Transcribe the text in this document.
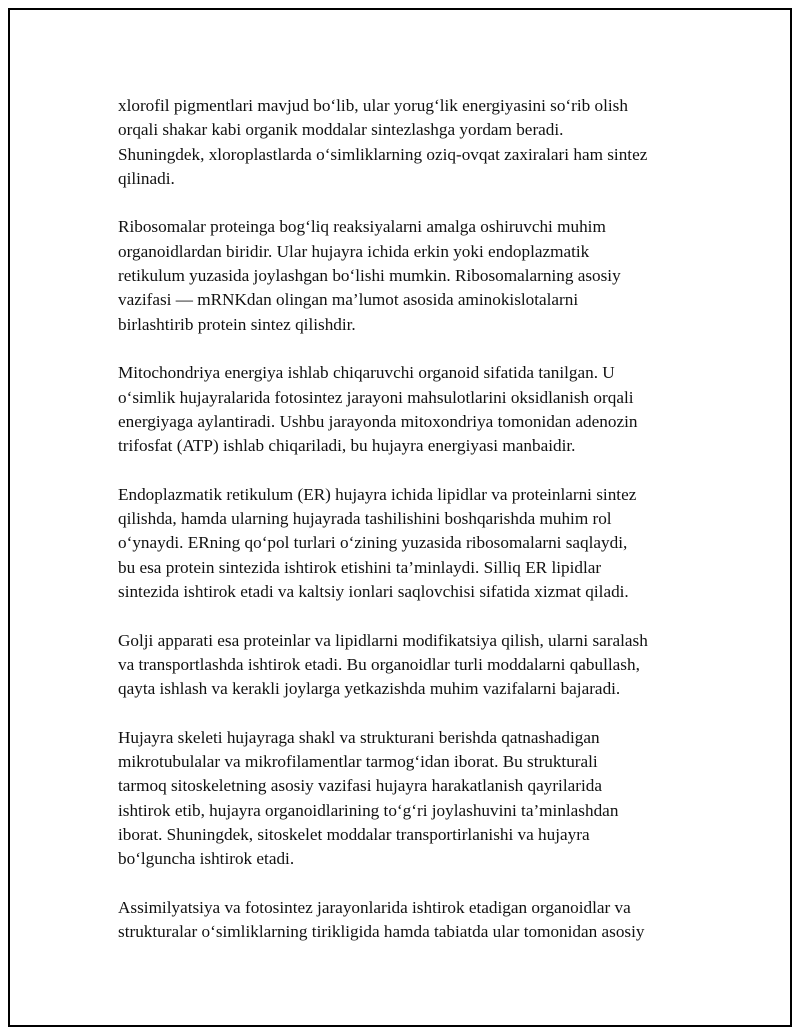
xlorofil pigmentlari mavjud bo‘lib, ular yorug‘lik energiyasini so‘rib olish
orqali shakar kabi organik moddalar sintezlashga yordam beradi.
Shuningdek, xloroplastlarda o‘simliklarning oziq-ovqat zaxiralari ham sintez
qilinadi.

Ribosomalar proteinga bog‘liq reaksiyalarni amalga oshiruvchi muhim
organoidlardan biridir. Ular hujayra ichida erkin yoki endoplazmatik
retikulum yuzasida joylashgan bo‘lishi mumkin. Ribosomalarning asosiy
vazifasi — mRNKdan olingan ma’lumot asosida aminokislotalarni
birlashtirib protein sintez qilishdir.

Mitochondriya energiya ishlab chiqaruvchi organoid sifatida tanilgan. U
o‘simlik hujayralarida fotosintez jarayoni mahsulotlarini oksidlanish orqali
energiyaga aylantiradi. Ushbu jarayonda mitoxondriya tomonidan adenozin
trifosfat (ATP) ishlab chiqariladi, bu hujayra energiyasi manbaidir.

Endoplazmatik retikulum (ER) hujayra ichida lipidlar va proteinlarni sintez
qilishda, hamda ularning hujayrada tashilishini boshqarishda muhim rol
o‘ynaydi. ERning qo‘pol turlari o‘zining yuzasida ribosomalarni saqlaydi,
bu esa protein sintezida ishtirok etishini ta’minlaydi. Silliq ER lipidlar
sintezida ishtirok etadi va kaltsiy ionlari saqlovchisi sifatida xizmat qiladi.

Golji apparati esa proteinlar va lipidlarni modifikatsiya qilish, ularni saralash
va transportlashda ishtirok etadi. Bu organoidlar turli moddalarni qabullash,
qayta ishlash va kerakli joylarga yetkazishda muhim vazifalarni bajaradi.

Hujayra skeleti hujayraga shakl va strukturani berishda qatnashadigan
mikrotubulalar va mikrofilamentlar tarmog‘idan iborat. Bu strukturali
tarmoq sitoskeletning asosiy vazifasi hujayra harakatlanish qayrilarida
ishtirok etib, hujayra organoidlarining to‘g‘ri joylashuvini ta’minlashdan
iborat. Shuningdek, sitoskelet moddalar transportirlanishi va hujayra
bo‘lguncha ishtirok etadi.

Assimilyatsiya va fotosintez jarayonlarida ishtirok etadigan organoidlar va
strukturalar o‘simliklarning tirikligida hamda tabiatda ular tomonidan asosiy
